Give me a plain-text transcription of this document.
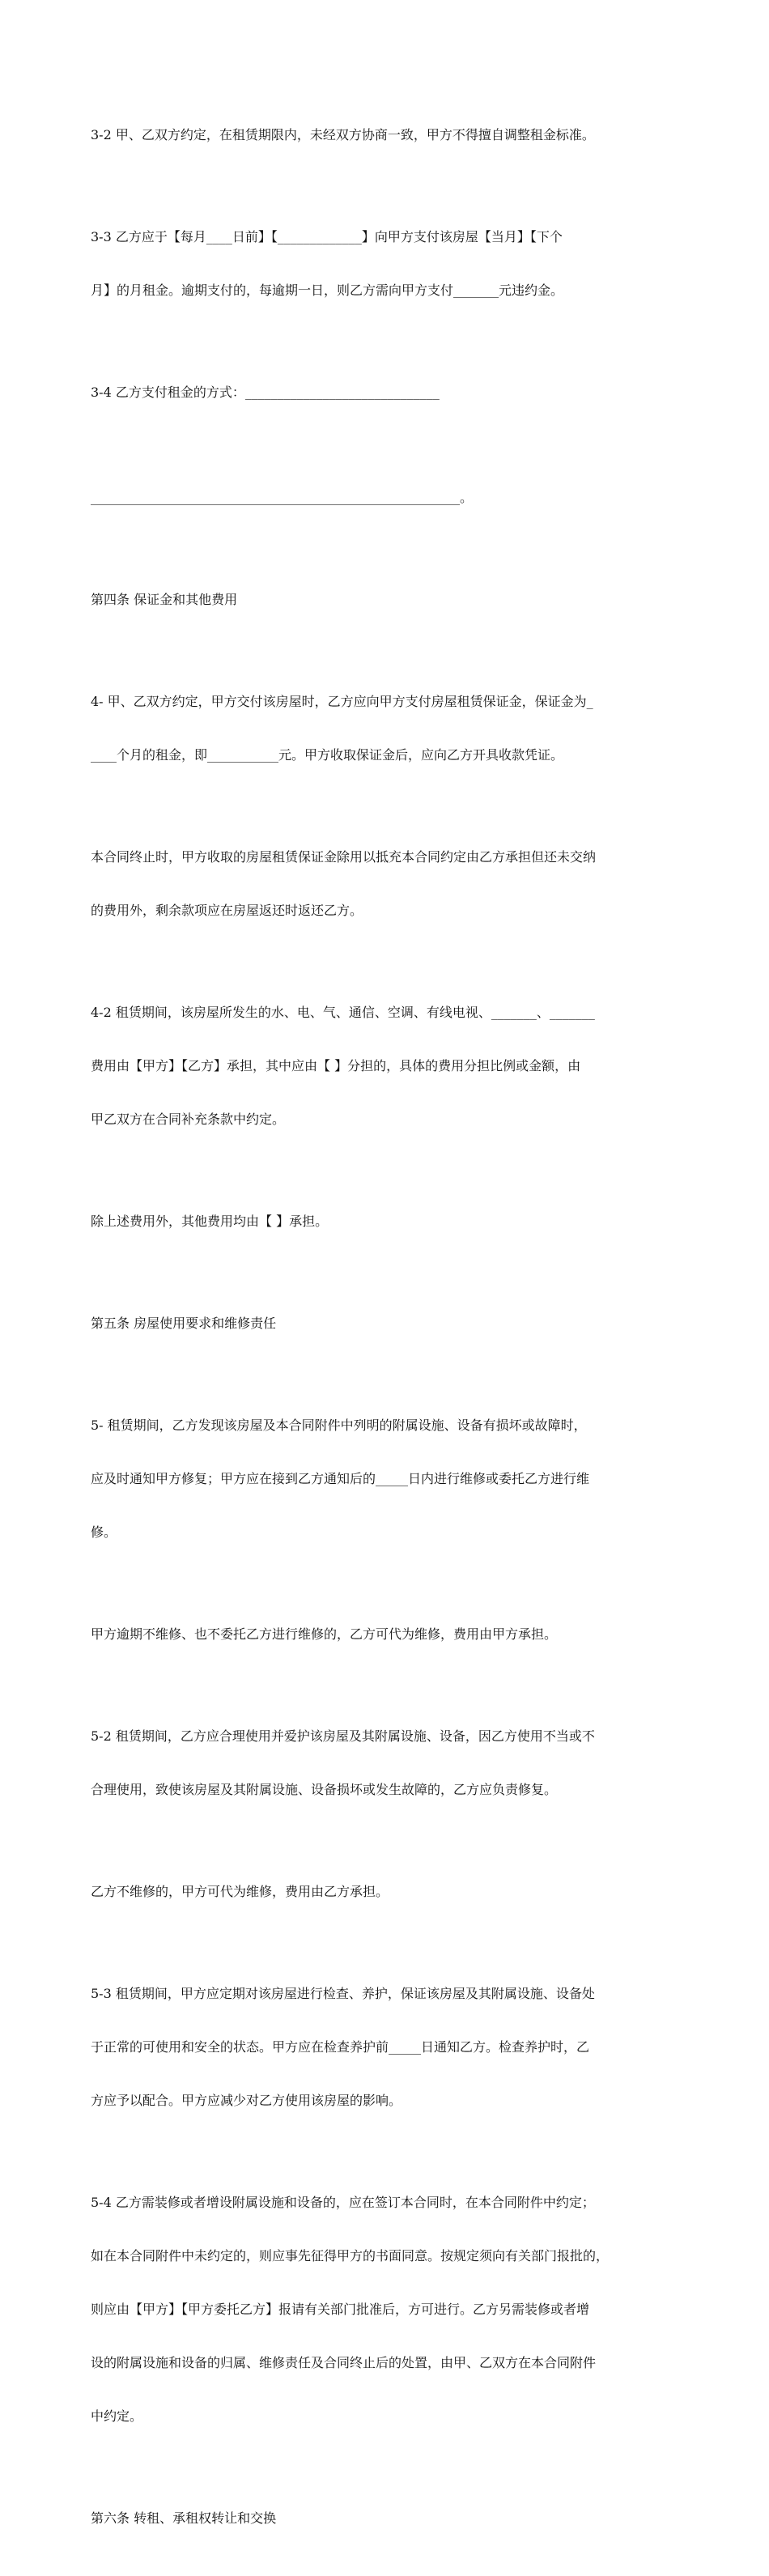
3-2 甲、乙双方约定，在租赁期限内，未经双方协商一致，甲方不得擅自调整租金标准。

3-3 乙方应于【每月____日前】【_____________】向甲方支付该房屋【当月】【下个

月】的月租金。逾期支付的，每逾期一日，则乙方需向甲方支付_______元违约金。

3-4 乙方支付租金的方式：______________________________

_________________________________________________________。

第四条 保证金和其他费用

4- 甲、乙双方约定，甲方交付该房屋时，乙方应向甲方支付房屋租赁保证金，保证金为_

____个月的租金，即___________元。甲方收取保证金后，应向乙方开具收款凭证。

本合同终止时，甲方收取的房屋租赁保证金除用以抵充本合同约定由乙方承担但还未交纳

的费用外，剩余款项应在房屋返还时返还乙方。

4-2 租赁期间，该房屋所发生的水、电、气、通信、空调、有线电视、_______、_______

费用由【甲方】【乙方】承担，其中应由【 】分担的，具体的费用分担比例或金额，由

甲乙双方在合同补充条款中约定。

除上述费用外，其他费用均由【 】承担。

第五条 房屋使用要求和维修责任

5- 租赁期间，乙方发现该房屋及本合同附件中列明的附属设施、设备有损坏或故障时，

应及时通知甲方修复；甲方应在接到乙方通知后的_____日内进行维修或委托乙方进行维

修。

甲方逾期不维修、也不委托乙方进行维修的，乙方可代为维修，费用由甲方承担。

5-2 租赁期间，乙方应合理使用并爱护该房屋及其附属设施、设备，因乙方使用不当或不

合理使用，致使该房屋及其附属设施、设备损坏或发生故障的，乙方应负责修复。

乙方不维修的，甲方可代为维修，费用由乙方承担。

5-3 租赁期间，甲方应定期对该房屋进行检查、养护，保证该房屋及其附属设施、设备处

于正常的可使用和安全的状态。甲方应在检查养护前_____日通知乙方。检查养护时，乙

方应予以配合。甲方应减少对乙方使用该房屋的影响。

5-4 乙方需装修或者增设附属设施和设备的，应在签订本合同时，在本合同附件中约定；

如在本合同附件中未约定的，则应事先征得甲方的书面同意。按规定须向有关部门报批的，

则应由【甲方】【甲方委托乙方】报请有关部门批准后，方可进行。乙方另需装修或者增

设的附属设施和设备的归属、维修责任及合同终止后的处置，由甲、乙双方在本合同附件

中约定。

第六条 转租、承租权转让和交换
